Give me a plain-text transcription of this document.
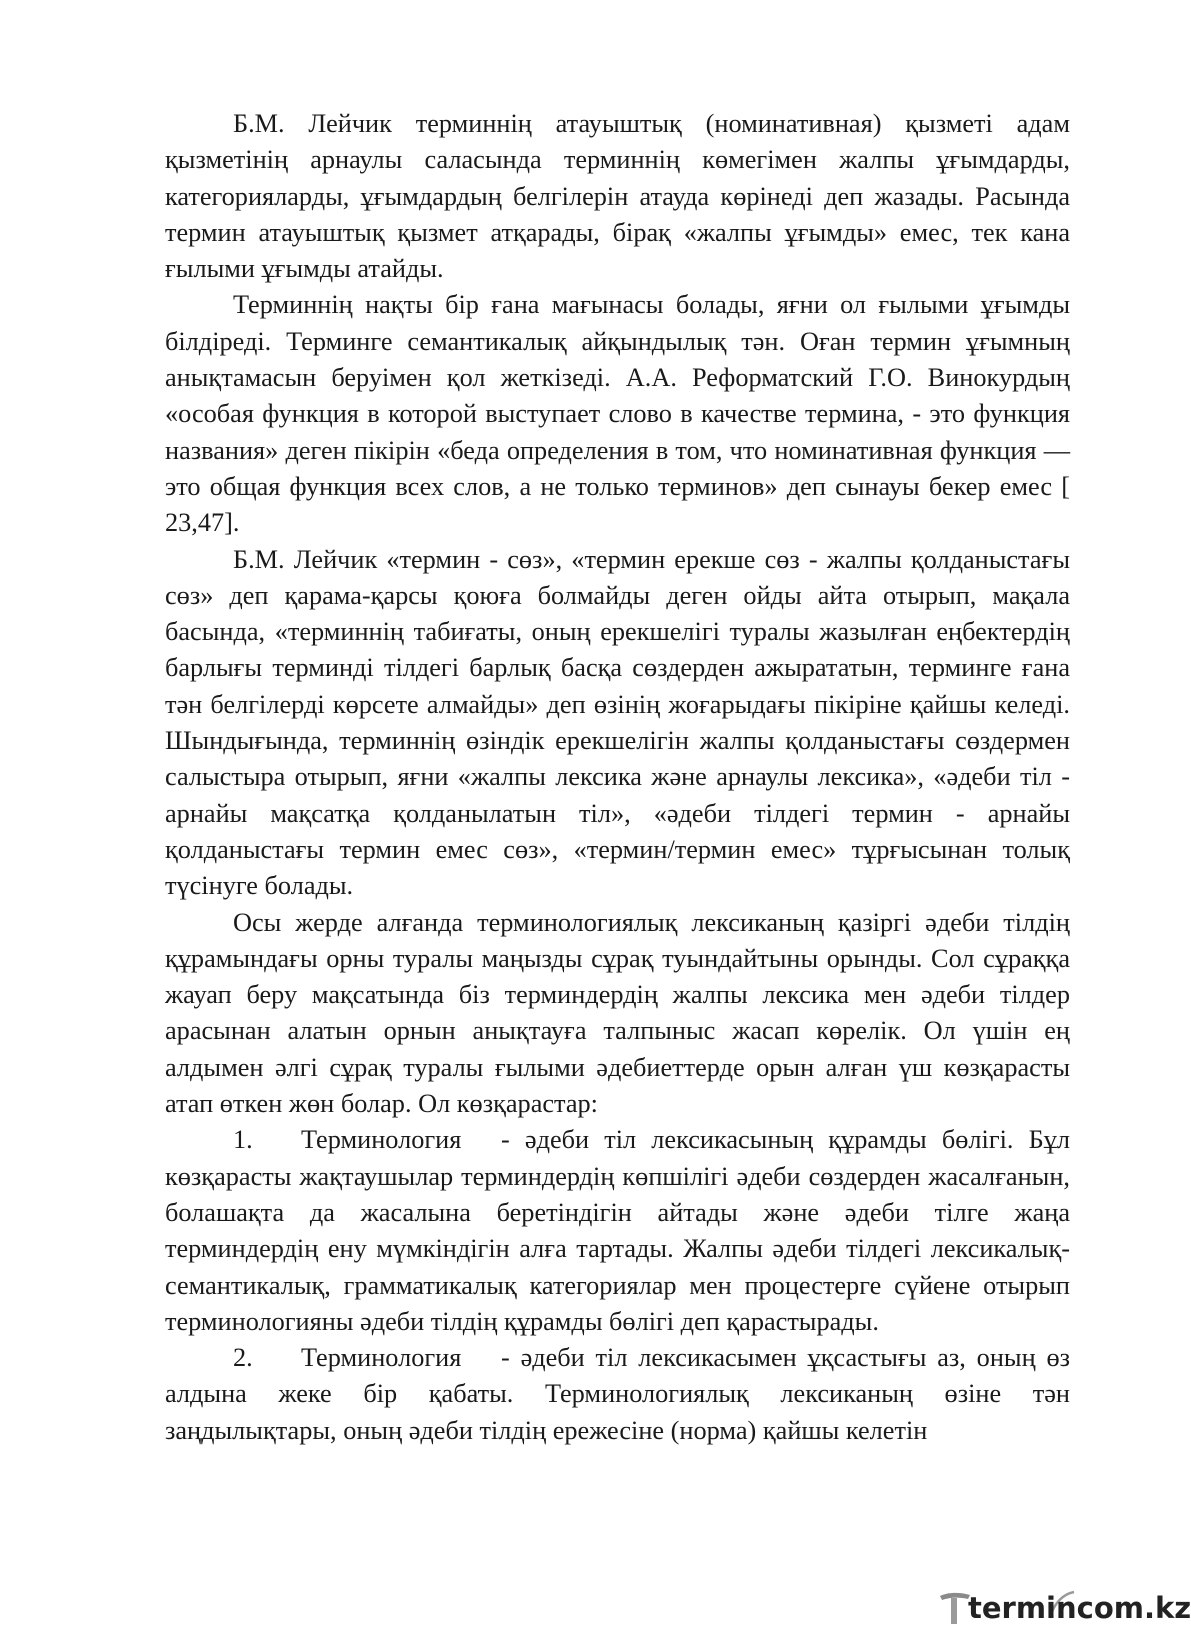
Б.М. Лейчик терминнің атауыштық (номинативная) қызметі адам қызметінің арнаулы саласында терминнің көмегімен жалпы ұғымдарды, категорияларды, ұғымдардың белгілерін атауда көрінеді деп жазады. Расында термин атауыштық қызмет атқарады, бірақ «жалпы ұғымды» емес, тек кана ғылыми ұғымды атайды.

Терминнің нақты бір ғана мағынасы болады, яғни ол ғылыми ұғымды білдіреді. Терминге семантикалық айқындылық тән. Оған термин ұғымның анықтамасын беруімен қол жеткізеді. А.А. Реформатский Г.О. Винокурдың «особая функция в которой выступает слово в качестве термина, - это функция названия» деген пікірін «беда определения в том, что номинативная функция — это общая функция всех слов, а не только терминов» деп сынауы бекер емес [ 23,47].

Б.М. Лейчик «термин - сөз», «термин ерекше сөз - жалпы қолданыстағы сөз» деп қарама-қарсы қоюға болмайды деген ойды айта отырып, мақала басында, «терминнің табиғаты, оның ерекшелігі туралы жазылған еңбектердің барлығы терминді тілдегі барлық басқа сөздерден ажырататын, терминге ғана тән белгілерді көрсете алмайды» деп өзінің жоғарыдағы пікіріне қайшы келеді. Шындығында, терминнің өзіндік ерекшелігін жалпы қолданыстағы сөздермен салыстыра отырып, яғни «жалпы лексика және арнаулы лексика», «әдеби тіл - арнайы мақсатқа қолданылатын тіл», «әдеби тілдегі термин - арнайы қолданыстағы термин емес сөз», «термин/термин емес» тұрғысынан толық түсінуге болады.

Осы жерде алғанда терминологиялық лексиканың қазіргі әдеби тілдің құрамындағы орны туралы маңызды сұрақ туындайтыны орынды. Сол сұраққа жауап беру мақсатында біз терминдердің жалпы лексика мен әдеби тілдер арасынан алатын орнын анықтауға талпыныс жасап көрелік. Ол үшін ең алдымен әлгі сұрақ туралы ғылыми әдебиеттерде орын алған үш көзқарасты атап өткен жөн болар. Ол көзқарастар:

1. Терминология - әдеби тіл лексикасының құрамды бөлігі. Бұл көзқарасты жақтаушылар терминдердің көпшілігі әдеби сөздерден жасалғанын, болашақта да жасалына беретіндігін айтады және әдеби тілге жаңа терминдердің ену мүмкіндігін алға тартады. Жалпы әдеби тілдегі лексикалық-семантикалық, грамматикалық категориялар мен процестерге сүйене отырып терминологияны әдеби тілдің құрамды бөлігі деп қарастырады.

2. Терминология - әдеби тіл лексикасымен ұқсастығы аз, оның өз алдына жеке бір қабаты. Терминологиялық лексиканың өзіне тән заңдылықтары, оның әдеби тілдің ережесіне (норма) қайшы келетін

termincom.kz
